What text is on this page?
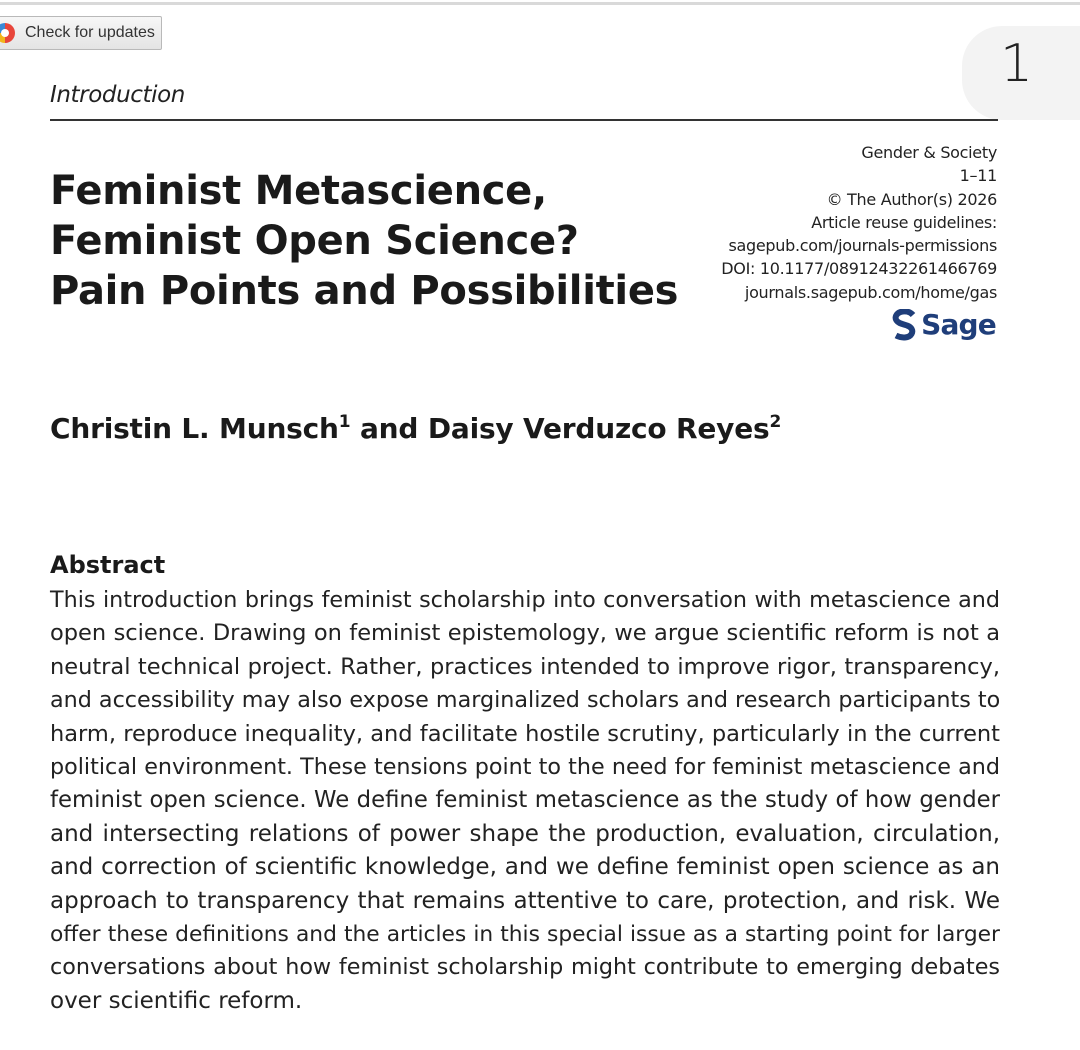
Check for updates
1
Introduction
Feminist Metascience,
Feminist Open Science?
Pain Points and Possibilities
Gender & Society
1–11
© The Author(s) 2026
Article reuse guidelines:
sagepub.com/journals-permissions
DOI: 10.1177/08912432261466769
journals.sagepub.com/home/gas
Sage
Christin L. Munsch$^1$ and Daisy Verduzco Reyes$^2$
Abstract
This introduction brings feminist scholarship into conversation with metascience and
open science. Drawing on feminist epistemology, we argue scientific reform is not a
neutral technical project. Rather, practices intended to improve rigor, transparency,
and accessibility may also expose marginalized scholars and research participants to
harm, reproduce inequality, and facilitate hostile scrutiny, particularly in the current
political environment. These tensions point to the need for feminist metascience and
feminist open science. We define feminist metascience as the study of how gender
and intersecting relations of power shape the production, evaluation, circulation,
and correction of scientific knowledge, and we define feminist open science as an
approach to transparency that remains attentive to care, protection, and risk. We
offer these definitions and the articles in this special issue as a starting point for larger
conversations about how feminist scholarship might contribute to emerging debates
over scientific reform.
